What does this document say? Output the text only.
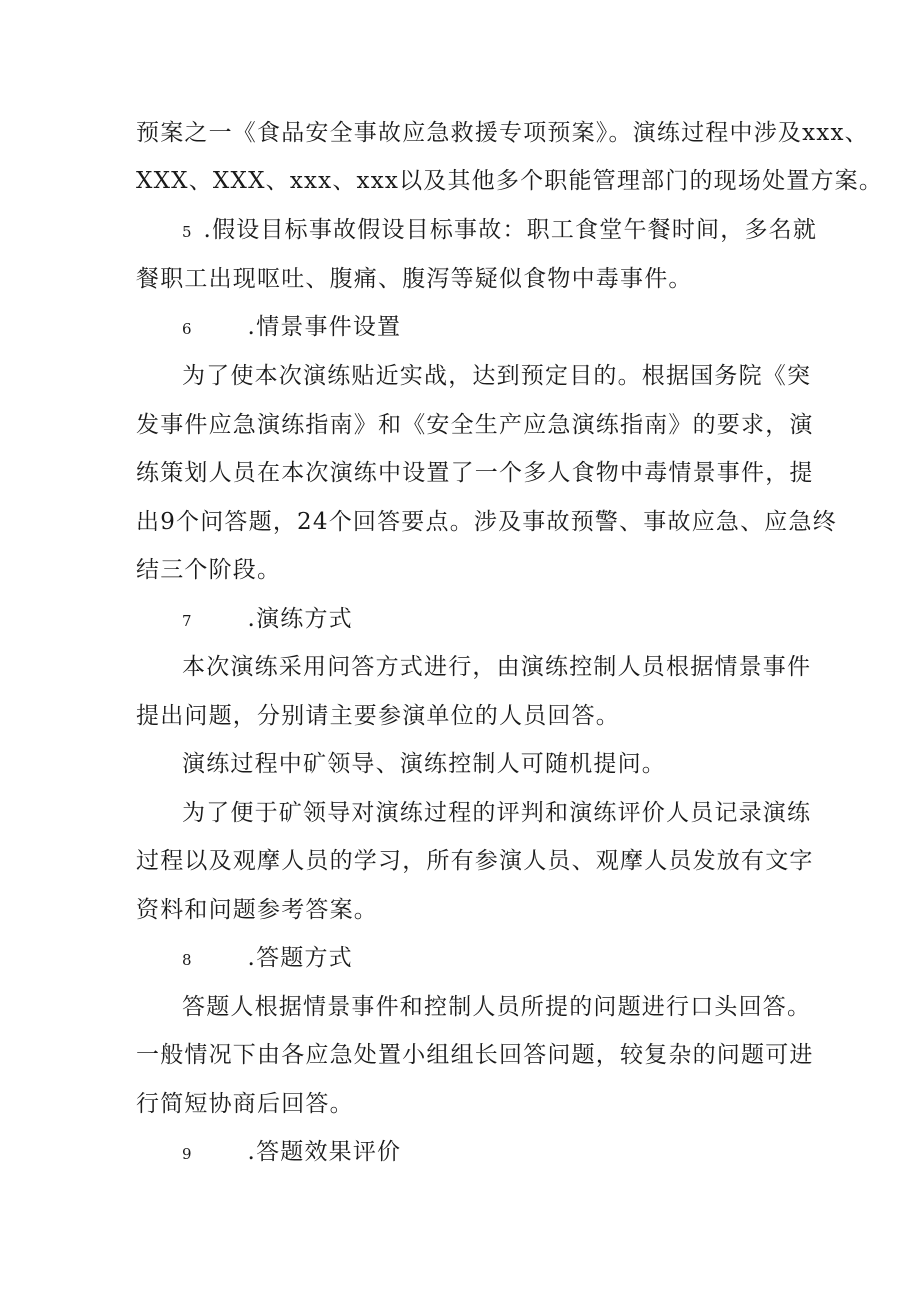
预案之一《食品安全事故应急救援专项预案》。演练过程中涉及xxx、
XXX、XXX、xxx、xxx以及其他多个职能管理部门的现场处置方案。
5 .假设目标事故假设目标事故：职工食堂午餐时间，多名就
餐职工出现呕吐、腹痛、腹泻等疑似食物中毒事件。
6 .情景事件设置
为了使本次演练贴近实战，达到预定目的。根据国务院《突
发事件应急演练指南》和《安全生产应急演练指南》的要求，演
练策划人员在本次演练中设置了一个多人食物中毒情景事件，提
出9个问答题，24个回答要点。涉及事故预警、事故应急、应急终
结三个阶段。
7 .演练方式
本次演练采用问答方式进行，由演练控制人员根据情景事件
提出问题，分别请主要参演单位的人员回答。
演练过程中矿领导、演练控制人可随机提问。
为了便于矿领导对演练过程的评判和演练评价人员记录演练
过程以及观摩人员的学习，所有参演人员、观摩人员发放有文字
资料和问题参考答案。
8 .答题方式
答题人根据情景事件和控制人员所提的问题进行口头回答。
一般情况下由各应急处置小组组长回答问题，较复杂的问题可进
行简短协商后回答。
9 .答题效果评价
